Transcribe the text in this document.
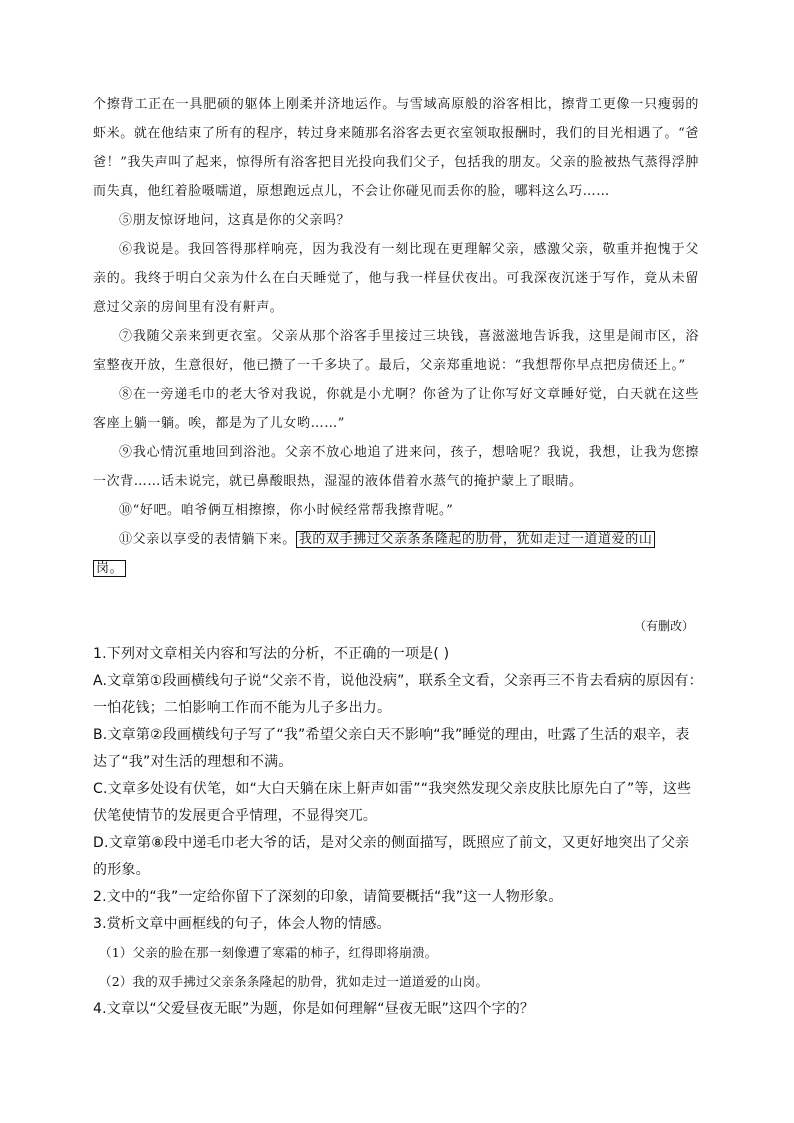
个擦背工正在一具肥硕的躯体上刚柔并济地运作。与雪域高原般的浴客相比，擦背工更像一只瘦弱的虾米。就在他结束了所有的程序，转过身来随那名浴客去更衣室领取报酬时，我们的目光相遇了。“爸爸！”我失声叫了起来，惊得所有浴客把目光投向我们父子，包括我的朋友。父亲的脸被热气蒸得浮肿而失真，他红着脸嗫嚅道，原想跑远点儿，不会让你碰见而丢你的脸，哪料这么巧……

⑤朋友惊讶地问，这真是你的父亲吗？

⑥我说是。我回答得那样响亮，因为我没有一刻比现在更理解父亲，感激父亲，敬重并抱愧于父亲的。我终于明白父亲为什么在白天睡觉了，他与我一样昼伏夜出。可我深夜沉迷于写作，竟从未留意过父亲的房间里有没有鼾声。

⑦我随父亲来到更衣室。父亲从那个浴客手里接过三块钱，喜滋滋地告诉我，这里是闹市区，浴室整夜开放，生意很好，他已攒了一千多块了。最后，父亲郑重地说：“我想帮你早点把房债还上。”

⑧在一旁递毛巾的老大爷对我说，你就是小尤啊？你爸为了让你写好文章睡好觉，白天就在这些客座上躺一躺。唉，都是为了儿女哟……”

⑨我心情沉重地回到浴池。父亲不放心地追了进来问，孩子，想啥呢？我说，我想，让我为您擦一次背……话未说完，就已鼻酸眼热，湿湿的液体借着水蒸气的掩护蒙上了眼睛。

⑩“好吧。咱爷俩互相擦擦，你小时候经常帮我擦背呢。”

⑪父亲以享受的表情躺下来。 我的双手拂过父亲条条隆起的肋骨，犹如走过一道道爱的山

岗。

（有删改）

1.下列对文章相关内容和写法的分析，不正确的一项是( )

A.文章第①段画横线句子说“父亲不肯，说他没病”，联系全文看，父亲再三不肯去看病的原因有：一怕花钱；二怕影响工作而不能为儿子多出力。

B.文章第②段画横线句子写了“我”希望父亲白天不影响“我”睡觉的理由，吐露了生活的艰辛，表达了“我”对生活的理想和不满。

C.文章多处设有伏笔，如“大白天躺在床上鼾声如雷”“我突然发现父亲皮肤比原先白了”等，这些伏笔使情节的发展更合乎情理，不显得突兀。

D.文章第⑧段中递毛巾老大爷的话，是对父亲的侧面描写，既照应了前文，又更好地突出了父亲的形象。

2.文中的“我”一定给你留下了深刻的印象，请简要概括“我”这一人物形象。

3.赏析文章中画框线的句子，体会人物的情感。

（1）父亲的脸在那一刻像遭了寒霜的柿子，红得即将崩溃。

（2）我的双手拂过父亲条条隆起的肋骨，犹如走过一道道爱的山岗。

4.文章以“父爱昼夜无眠”为题，你是如何理解“昼夜无眠”这四个字的？
